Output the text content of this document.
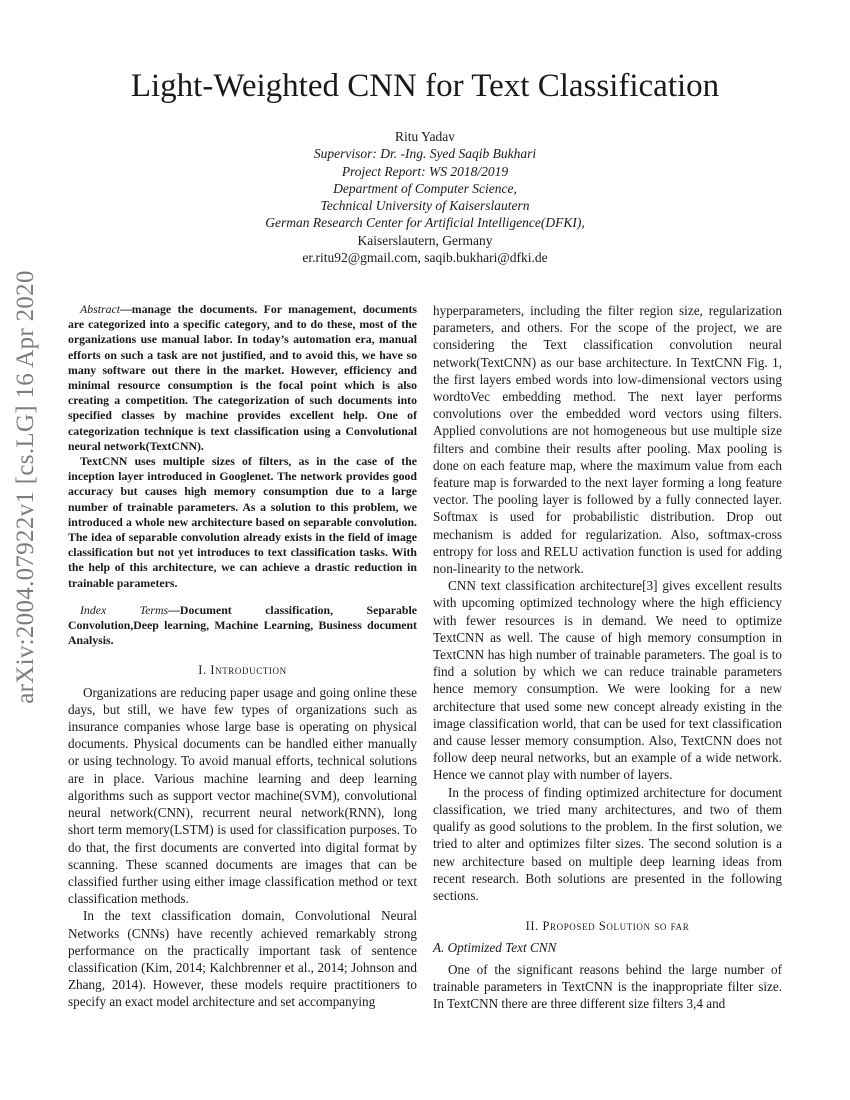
arXiv:2004.07922v1 [cs.LG] 16 Apr 2020
Light-Weighted CNN for Text Classification
Ritu Yadav
Supervisor: Dr. -Ing. Syed Saqib Bukhari
Project Report: WS 2018/2019
Department of Computer Science,
Technical University of Kaiserslautern
German Research Center for Artificial Intelligence(DFKI),
Kaiserslautern, Germany
er.ritu92@gmail.com, saqib.bukhari@dfki.de

Abstract—manage the documents. For management, documents are categorized into a specific category, and to do these, most of the organizations use manual labor. In today’s automation era, manual efforts on such a task are not justified, and to avoid this, we have so many software out there in the market. However, efficiency and minimal resource consumption is the focal point which is also creating a competition. The categorization of such documents into specified classes by machine provides excellent help. One of categorization technique is text classification using a Convolutional neural network(TextCNN).

TextCNN uses multiple sizes of filters, as in the case of the inception layer introduced in Googlenet. The network provides good accuracy but causes high memory consumption due to a large number of trainable parameters. As a solution to this problem, we introduced a whole new architecture based on separable convolution. The idea of separable convolution already exists in the field of image classification but not yet introduces to text classification tasks. With the help of this architecture, we can achieve a drastic reduction in trainable parameters.

Index Terms—Document classification, Separable Convolution,Deep learning, Machine Learning, Business document Analysis.

I. Introduction

Organizations are reducing paper usage and going online these days, but still, we have few types of organizations such as insurance companies whose large base is operating on physical documents. Physical documents can be handled either manually or using technology. To avoid manual efforts, technical solutions are in place. Various machine learning and deep learning algorithms such as support vector machine(SVM), convolutional neural network(CNN), recurrent neural network(RNN), long short term memory(LSTM) is used for classification purposes. To do that, the first documents are converted into digital format by scanning. These scanned documents are images that can be classified further using either image classification method or text classification methods.

In the text classification domain, Convolutional Neural Networks (CNNs) have recently achieved remarkably strong performance on the practically important task of sentence classification (Kim, 2014; Kalchbrenner et al., 2014; Johnson and Zhang, 2014). However, these models require practitioners to specify an exact model architecture and set accompanying

hyperparameters, including the filter region size, regularization parameters, and others. For the scope of the project, we are considering the Text classification convolution neural network(TextCNN) as our base architecture. In TextCNN Fig. 1, the first layers embed words into low-dimensional vectors using wordtoVec embedding method. The next layer performs convolutions over the embedded word vectors using filters. Applied convolutions are not homogeneous but use multiple size filters and combine their results after pooling. Max pooling is done on each feature map, where the maximum value from each feature map is forwarded to the next layer forming a long feature vector. The pooling layer is followed by a fully connected layer. Softmax is used for probabilistic distribution. Drop out mechanism is added for regularization. Also, softmax-cross entropy for loss and RELU activation function is used for adding non-linearity to the network.

CNN text classification architecture[3] gives excellent results with upcoming optimized technology where the high efficiency with fewer resources is in demand. We need to optimize TextCNN as well. The cause of high memory consumption in TextCNN has high number of trainable parameters. The goal is to find a solution by which we can reduce trainable parameters hence memory consumption. We were looking for a new architecture that used some new concept already existing in the image classification world, that can be used for text classification and cause lesser memory consumption. Also, TextCNN does not follow deep neural networks, but an example of a wide network. Hence we cannot play with number of layers.

In the process of finding optimized architecture for document classification, we tried many architectures, and two of them qualify as good solutions to the problem. In the first solution, we tried to alter and optimizes filter sizes. The second solution is a new architecture based on multiple deep learning ideas from recent research. Both solutions are presented in the following sections.

II. Proposed Solution so far
A. Optimized Text CNN

One of the significant reasons behind the large number of trainable parameters in TextCNN is the inappropriate filter size. In TextCNN there are three different size filters 3,4 and
